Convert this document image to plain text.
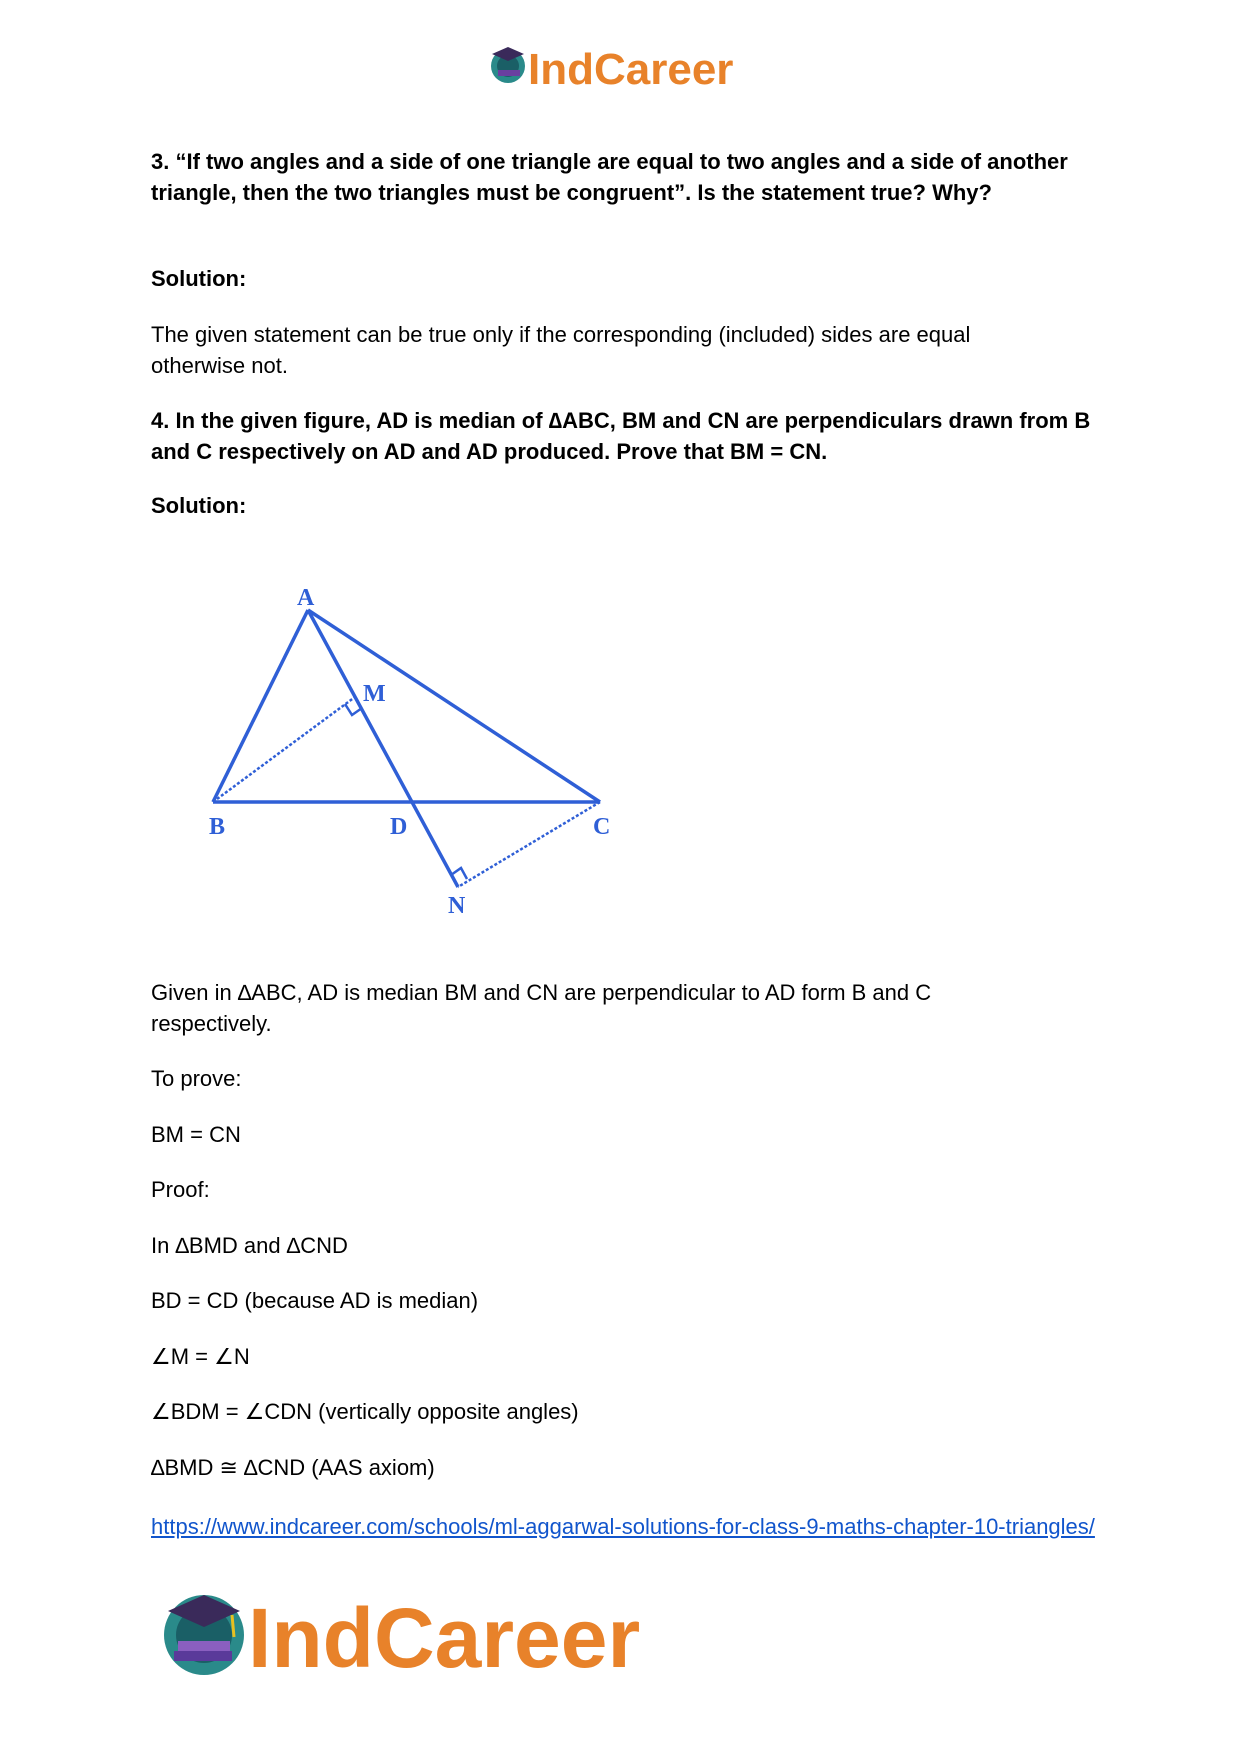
IndCareer

3. “If two angles and a side of one triangle are equal to two angles and a side of another triangle, then the two triangles must be congruent”. Is the statement true? Why?

Solution:

The given statement can be true only if the corresponding (included) sides are equal otherwise not.

4. In the given figure, AD is median of ∆ABC, BM and CN are perpendiculars drawn from B and C respectively on AD and AD produced. Prove that BM = CN.

Solution:

A
M
B	D	C
N

Given in ∆ABC, AD is median BM and CN are perpendicular to AD form B and C respectively.

To prove:

BM = CN

Proof:

In ∆BMD and ∆CND

BD = CD (because AD is median)

∠M = ∠N

∠BDM = ∠CDN (vertically opposite angles)

∆BMD ≅ ∆CND (AAS axiom)

https://www.indcareer.com/schools/ml-aggarwal-solutions-for-class-9-maths-chapter-10-triangles/
IndCareer
